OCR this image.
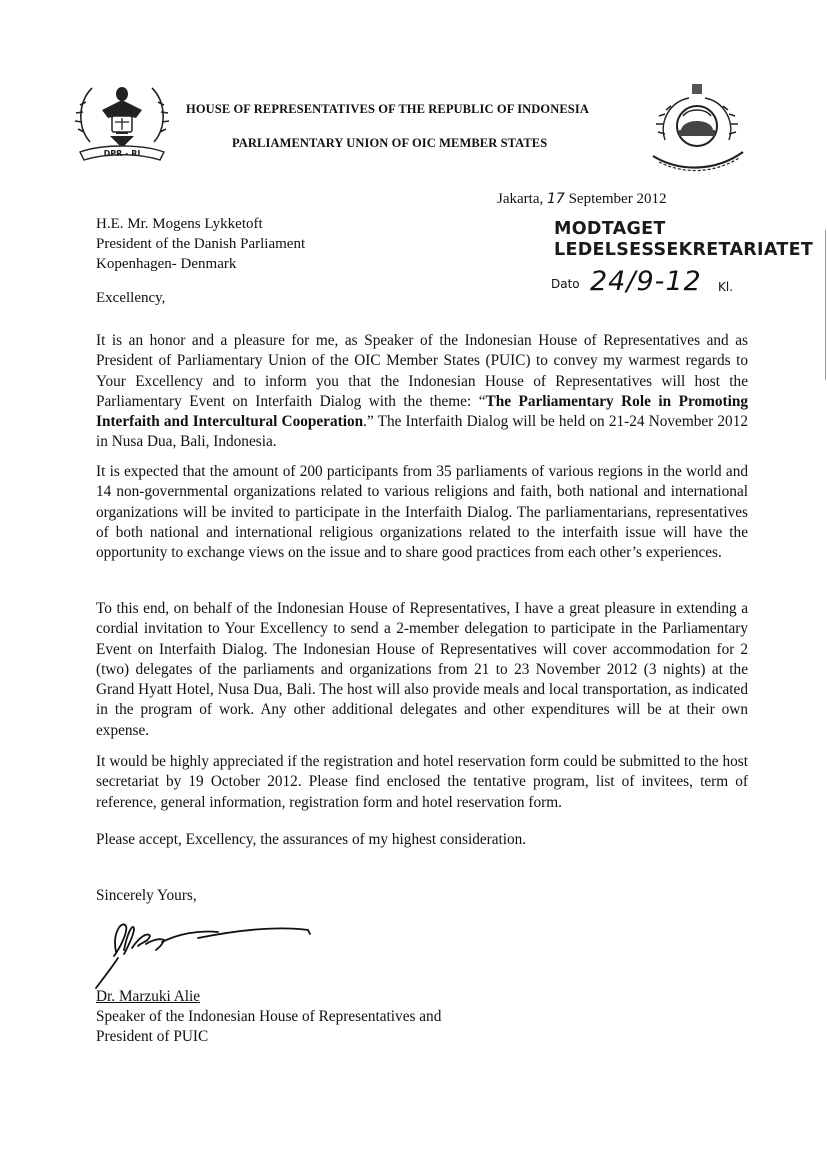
DPR - RI
HOUSE OF REPRESENTATIVES OF THE REPUBLIC OF INDONESIA
PARLIAMENTARY UNION OF OIC MEMBER STATES
Jakarta, 17 September 2012
MODTAGET
LEDELSESSEKRETARIATET
Dato 24/9-12 Kl.
H.E. Mr. Mogens Lykketoft
President of the Danish Parliament
Kopenhagen- Denmark
Excellency,

It is an honor and a pleasure for me, as Speaker of the Indonesian House of Representatives and as President of Parliamentary Union of the OIC Member States (PUIC) to convey my warmest regards to Your Excellency and to inform you that the Indonesian House of Representatives will host the Parliamentary Event on Interfaith Dialog with the theme: “The Parliamentary Role in Promoting Interfaith and Intercultural Cooperation.” The Interfaith Dialog will be held on 21-24 November 2012 in Nusa Dua, Bali, Indonesia.

It is expected that the amount of 200 participants from 35 parliaments of various regions in the world and 14 non-governmental organizations related to various religions and faith, both national and international organizations will be invited to participate in the Interfaith Dialog. The parliamentarians, representatives of both national and international religious organizations related to the interfaith issue will have the opportunity to exchange views on the issue and to share good practices from each other’s experiences.

To this end, on behalf of the Indonesian House of Representatives, I have a great pleasure in extending a cordial invitation to Your Excellency to send a 2-member delegation to participate in the Parliamentary Event on Interfaith Dialog. The Indonesian House of Representatives will cover accommodation for 2 (two) delegates of the parliaments and organizations from 21 to 23 November 2012 (3 nights) at the Grand Hyatt Hotel, Nusa Dua, Bali. The host will also provide meals and local transportation, as indicated in the program of work. Any other additional delegates and other expenditures will be at their own expense.

It would be highly appreciated if the registration and hotel reservation form could be submitted to the host secretariat by 19 October 2012. Please find enclosed the tentative program, list of invitees, term of reference, general information, registration form and hotel reservation form.

Please accept, Excellency, the assurances of my highest consideration.

Sincerely Yours,
Dr. Marzuki Alie
Speaker of the Indonesian House of Representatives and
President of PUIC
